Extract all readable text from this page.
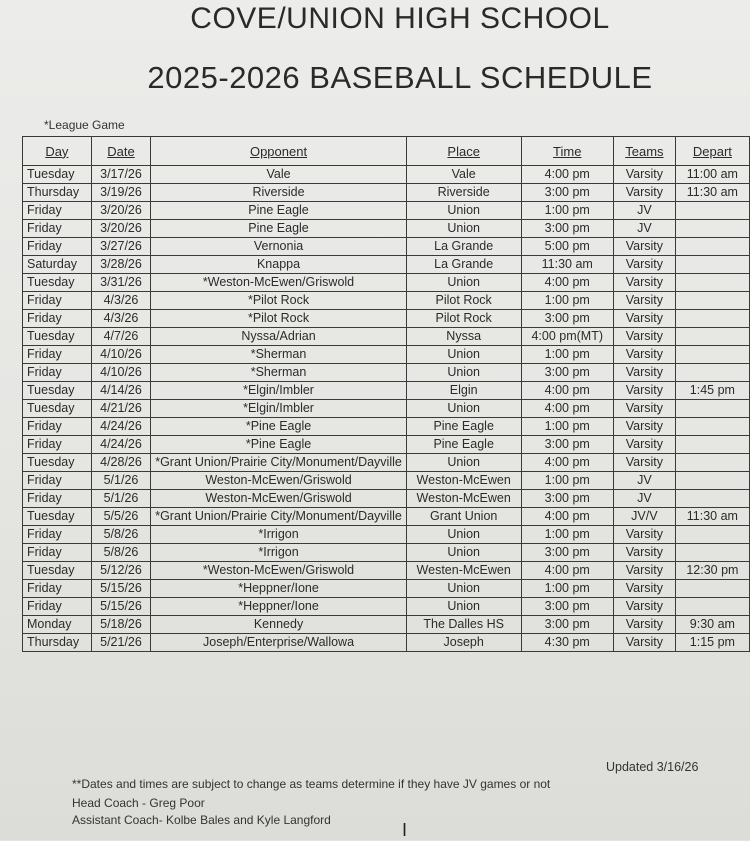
COVE/UNION HIGH SCHOOL
2025-2026 BASEBALL SCHEDULE
*League Game
Day	Date	Opponent	Place	Time	Teams	Depart
Tuesday	3/17/26	Vale	Vale	4:00 pm	Varsity	11:00 am
Thursday	3/19/26	Riverside	Riverside	3:00 pm	Varsity	11:30 am
Friday	3/20/26	Pine Eagle	Union	1:00 pm	JV	
Friday	3/20/26	Pine Eagle	Union	3:00 pm	JV	
Friday	3/27/26	Vernonia	La Grande	5:00 pm	Varsity	
Saturday	3/28/26	Knappa	La Grande	11:30 am	Varsity	
Tuesday	3/31/26	*Weston-McEwen/Griswold	Union	4:00 pm	Varsity	
Friday	4/3/26	*Pilot Rock	Pilot Rock	1:00 pm	Varsity	
Friday	4/3/26	*Pilot Rock	Pilot Rock	3:00 pm	Varsity	
Tuesday	4/7/26	Nyssa/Adrian	Nyssa	4:00 pm(MT)	Varsity	
Friday	4/10/26	*Sherman	Union	1:00 pm	Varsity	
Friday	4/10/26	*Sherman	Union	3:00 pm	Varsity	
Tuesday	4/14/26	*Elgin/Imbler	Elgin	4:00 pm	Varsity	1:45 pm
Tuesday	4/21/26	*Elgin/Imbler	Union	4:00 pm	Varsity	
Friday	4/24/26	*Pine Eagle	Pine Eagle	1:00 pm	Varsity	
Friday	4/24/26	*Pine Eagle	Pine Eagle	3:00 pm	Varsity	
Tuesday	4/28/26	*Grant Union/Prairie City/Monument/Dayville	Union	4:00 pm	Varsity	
Friday	5/1/26	Weston-McEwen/Griswold	Weston-McEwen	1:00 pm	JV	
Friday	5/1/26	Weston-McEwen/Griswold	Weston-McEwen	3:00 pm	JV	
Tuesday	5/5/26	*Grant Union/Prairie City/Monument/Dayville	Grant Union	4:00 pm	JV/V	11:30 am
Friday	5/8/26	*Irrigon	Union	1:00 pm	Varsity	
Friday	5/8/26	*Irrigon	Union	3:00 pm	Varsity	
Tuesday	5/12/26	*Weston-McEwen/Griswold	Westen-McEwen	4:00 pm	Varsity	12:30 pm
Friday	5/15/26	*Heppner/Ione	Union	1:00 pm	Varsity	
Friday	5/15/26	*Heppner/Ione	Union	3:00 pm	Varsity	
Monday	5/18/26	Kennedy	The Dalles HS	3:00 pm	Varsity	9:30 am
Thursday	5/21/26	Joseph/Enterprise/Wallowa	Joseph	4:30 pm	Varsity	1:15 pm
Updated 3/16/26
**Dates and times are subject to change as teams determine if they have JV games or not
Head Coach - Greg Poor
Assistant Coach- Kolbe Bales and Kyle Langford	I
